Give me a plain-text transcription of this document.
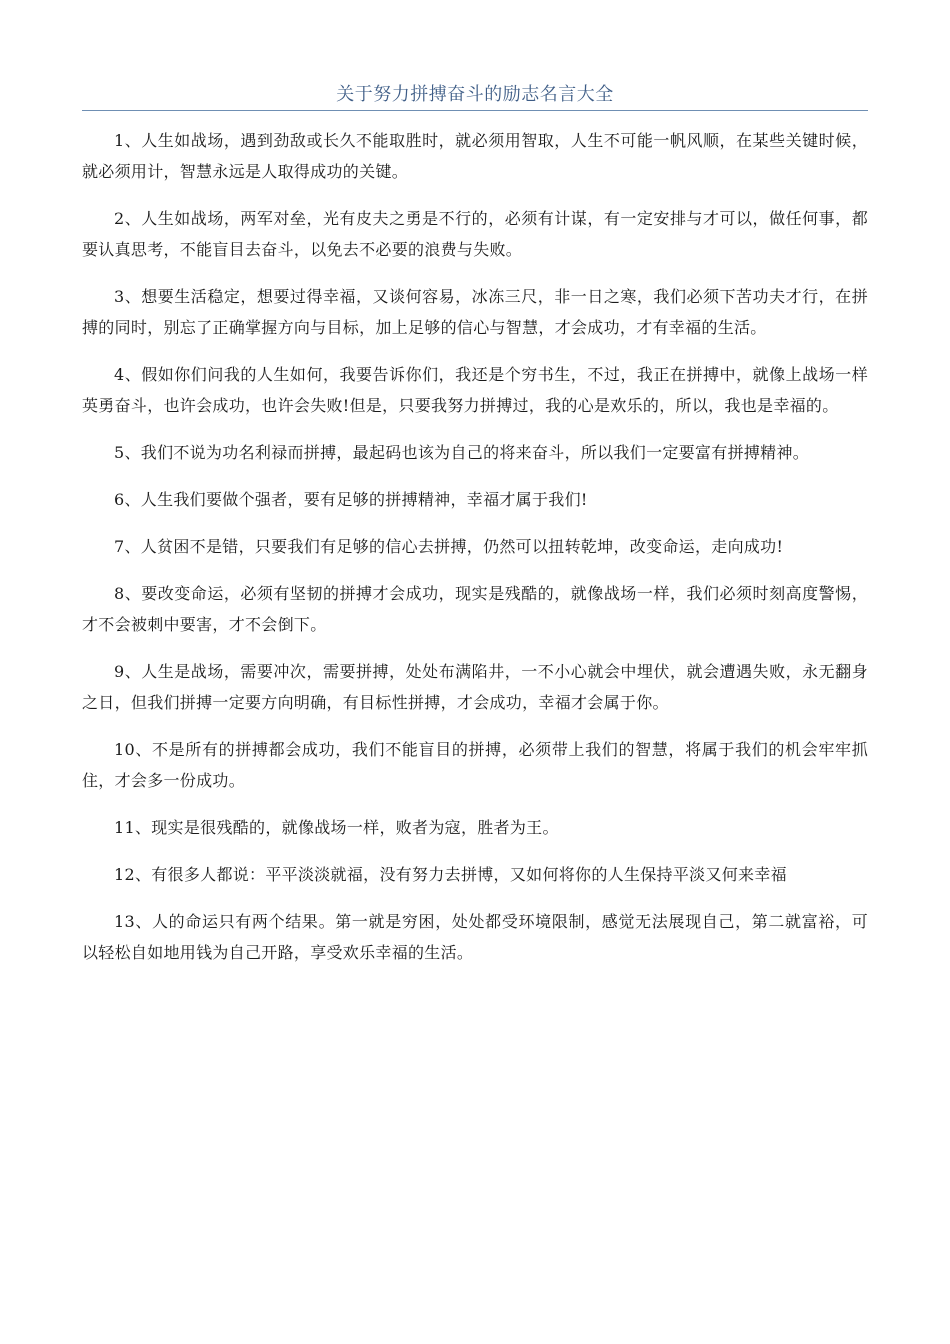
关于努力拼搏奋斗的励志名言大全

1、人生如战场，遇到劲敌或长久不能取胜时，就必须用智取，人生不可能一帆风顺，在某些关键时候，就必须用计，智慧永远是人取得成功的关键。

2、人生如战场，两军对垒，光有皮夫之勇是不行的，必须有计谋，有一定安排与才可以，做任何事，都要认真思考，不能盲目去奋斗，以免去不必要的浪费与失败。

3、想要生活稳定，想要过得幸福，又谈何容易，冰冻三尺，非一日之寒，我们必须下苦功夫才行，在拼搏的同时，别忘了正确掌握方向与目标，加上足够的信心与智慧，才会成功，才有幸福的生活。

4、假如你们问我的人生如何，我要告诉你们，我还是个穷书生，不过，我正在拼搏中，就像上战场一样英勇奋斗，也许会成功，也许会失败!但是，只要我努力拼搏过，我的心是欢乐的，所以，我也是幸福的。

5、我们不说为功名利禄而拼搏，最起码也该为自己的将来奋斗，所以我们一定要富有拼搏精神。

6、人生我们要做个强者，要有足够的拼搏精神，幸福才属于我们!

7、人贫困不是错，只要我们有足够的信心去拼搏，仍然可以扭转乾坤，改变命运，走向成功!

8、要改变命运，必须有坚韧的拼搏才会成功，现实是残酷的，就像战场一样，我们必须时刻高度警惕，才不会被刺中要害，才不会倒下。

9、人生是战场，需要冲次，需要拼搏，处处布满陷井，一不小心就会中埋伏，就会遭遇失败，永无翻身之日，但我们拼搏一定要方向明确，有目标性拼搏，才会成功，幸福才会属于你。

10、不是所有的拼搏都会成功，我们不能盲目的拼搏，必须带上我们的智慧，将属于我们的机会牢牢抓住，才会多一份成功。

11、现实是很残酷的，就像战场一样，败者为寇，胜者为王。

12、有很多人都说：平平淡淡就福，没有努力去拼博，又如何将你的人生保持平淡又何来幸福

13、人的命运只有两个结果。第一就是穷困，处处都受环境限制，感觉无法展现自己，第二就富裕，可以轻松自如地用钱为自己开路，享受欢乐幸福的生活。
